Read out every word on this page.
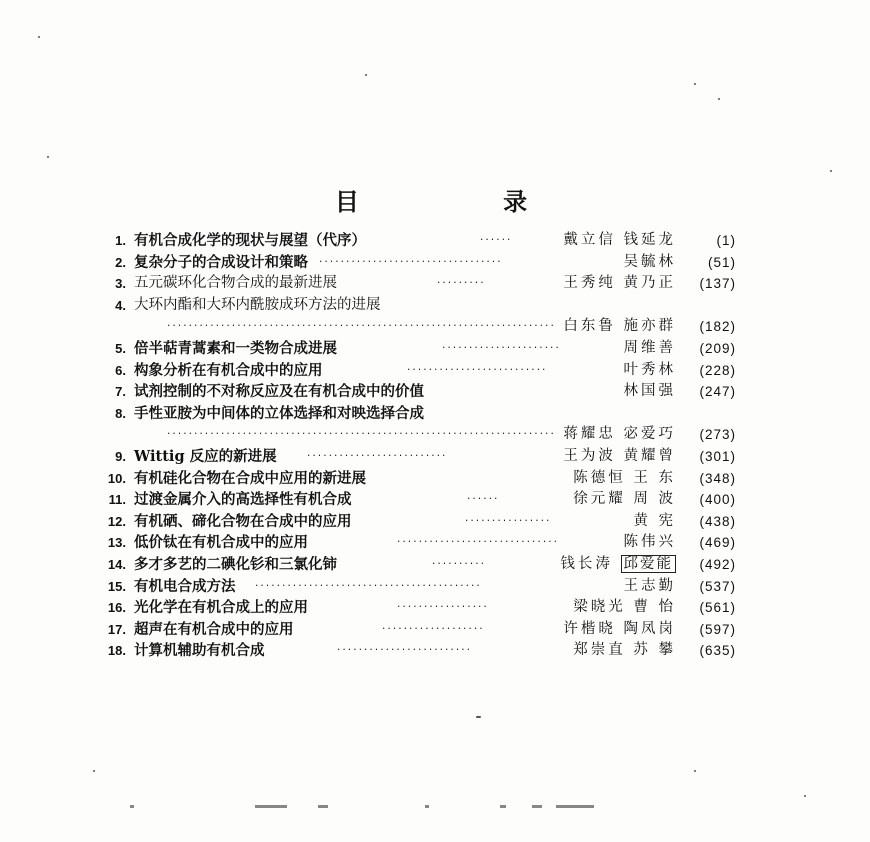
目 录
1. 有机合成化学的现状与展望（代序）	······	戴立信 钱延龙	(1)
2. 复杂分子的合成设计和策略 ··································	吴毓林	(51)
3. 五元碳环化合物合成的最新进展	·········	王秀纯 黄乃正	(137)
4. 大环内酯和大环内酰胺成环方法的进展
········································································ 白东鲁 施亦群	(182)
5. 倍半萜青蒿素和一类物合成进展	······················	周维善	(209)
6. 构象分析在有机合成中的应用	··························	叶秀林	(228)
7. 试剂控制的不对称反应及在有机合成中的价值	林国强	(247)
8. 手性亚胺为中间体的立体选择和对映选择合成
········································································ 蒋耀忠 宓爱巧	(273)
9. Wittig 反应的新进展	··························	王为波 黄耀曾	(301)
10. 有机硅化合物在合成中应用的新进展	陈德恒 王 东	(348)
11. 过渡金属介入的高选择性有机合成	······	徐元耀 周 波	(400)
12. 有机硒、碲化合物在合成中的应用	················	黄 宪	(438)
13. 低价钛在有机合成中的应用	······························	陈伟兴	(469)
14. 多才多艺的二碘化钐和三氯化铈	··········	钱长涛 邱爱能	(492)
15. 有机电合成方法 ··········································	王志勤	(537)
16. 光化学在有机合成上的应用	·················	梁晓光 曹 怡	(561)
17. 超声在有机合成中的应用	···················	许楷晓 陶凤岗	(597)
18. 计算机辅助有机合成	·························	郑崇直 苏 攀	(635)
